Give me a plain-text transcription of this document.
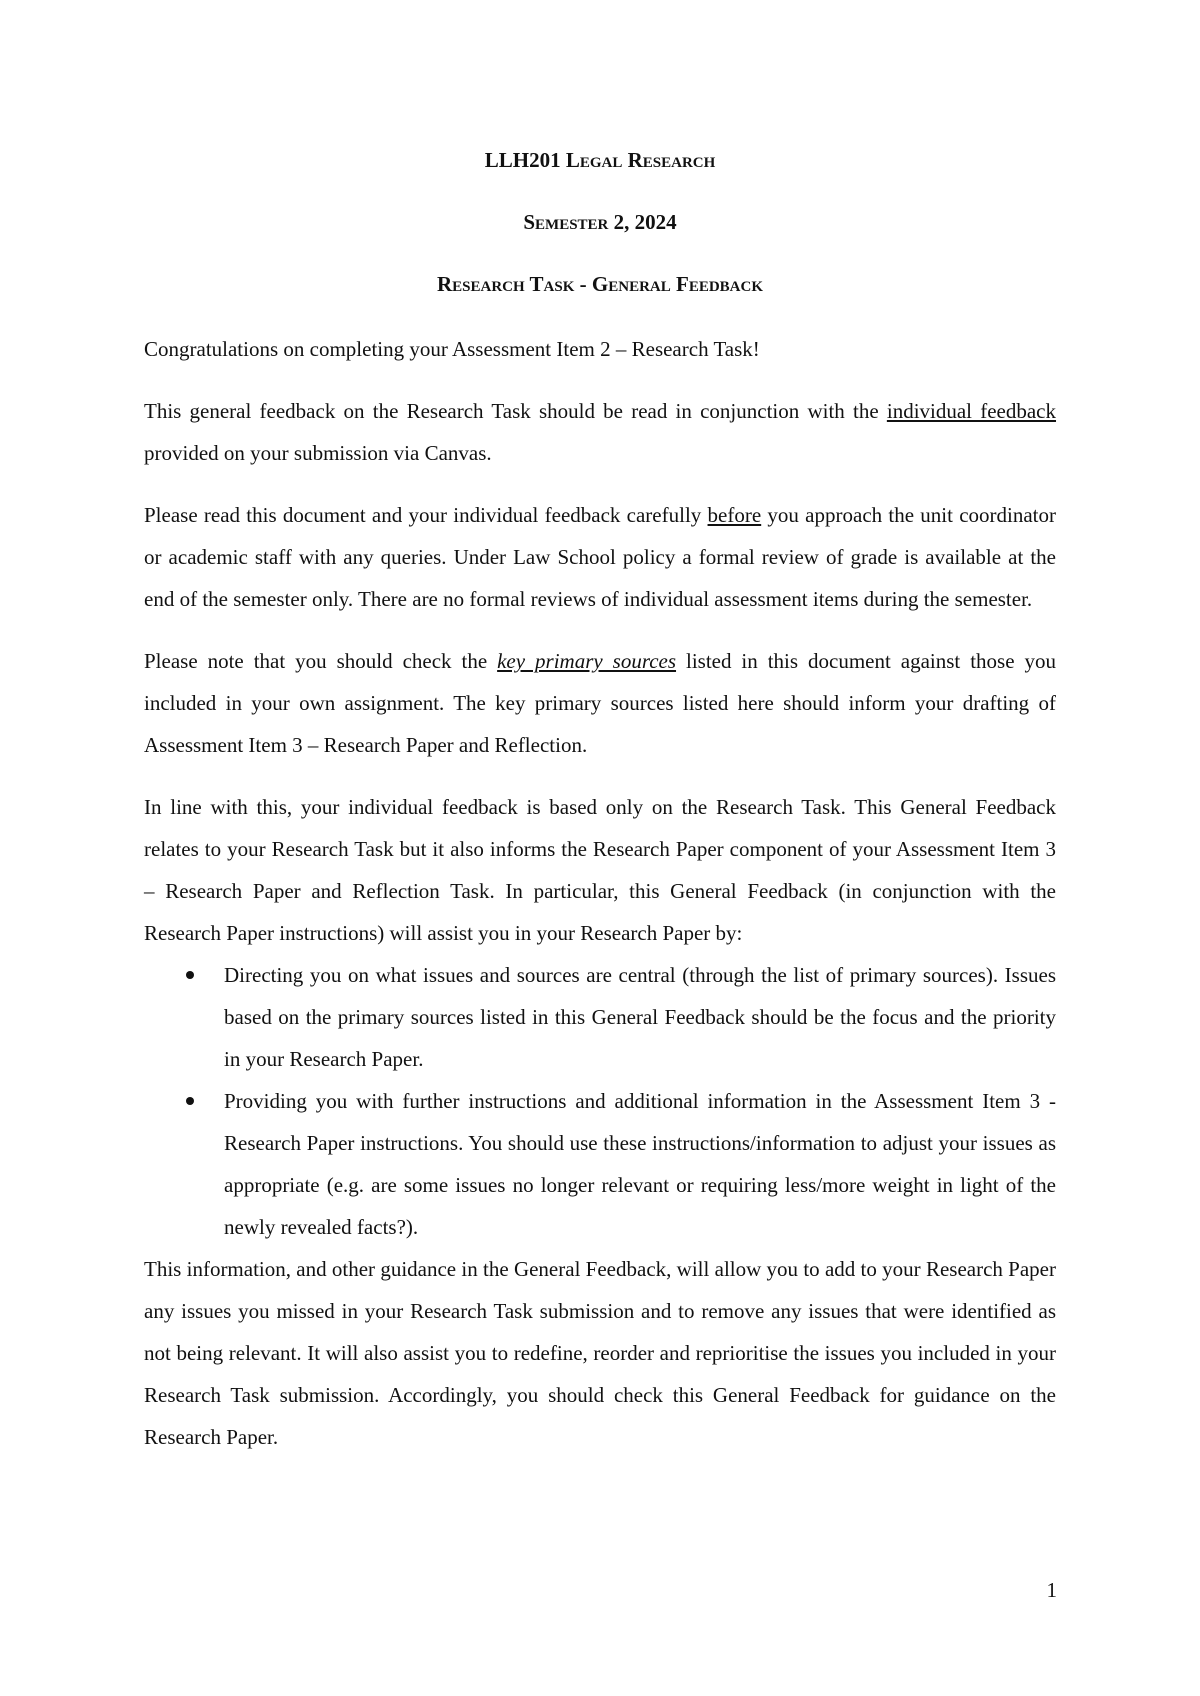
LLH201 Legal Research
Semester 2, 2024
Research Task - General Feedback

Congratulations on completing your Assessment Item 2 – Research Task!

This general feedback on the Research Task should be read in conjunction with the individual feedback provided on your submission via Canvas.

Please read this document and your individual feedback carefully before you approach the unit coordinator or academic staff with any queries. Under Law School policy a formal review of grade is available at the end of the semester only. There are no formal reviews of individual assessment items during the semester.

Please note that you should check the key primary sources listed in this document against those you included in your own assignment. The key primary sources listed here should inform your drafting of Assessment Item 3 – Research Paper and Reflection.

In line with this, your individual feedback is based only on the Research Task. This General Feedback relates to your Research Task but it also informs the Research Paper component of your Assessment Item 3 – Research Paper and Reflection Task. In particular, this General Feedback (in conjunction with the Research Paper instructions) will assist you in your Research Paper by:

Directing you on what issues and sources are central (through the list of primary sources). Issues based on the primary sources listed in this General Feedback should be the focus and the priority in your Research Paper.
Providing you with further instructions and additional information in the Assessment Item 3 - Research Paper instructions. You should use these instructions/information to adjust your issues as appropriate (e.g. are some issues no longer relevant or requiring less/more weight in light of the newly revealed facts?).

This information, and other guidance in the General Feedback, will allow you to add to your Research Paper any issues you missed in your Research Task submission and to remove any issues that were identified as not being relevant. It will also assist you to redefine, reorder and reprioritise the issues you included in your Research Task submission. Accordingly, you should check this General Feedback for guidance on the Research Paper.

1
